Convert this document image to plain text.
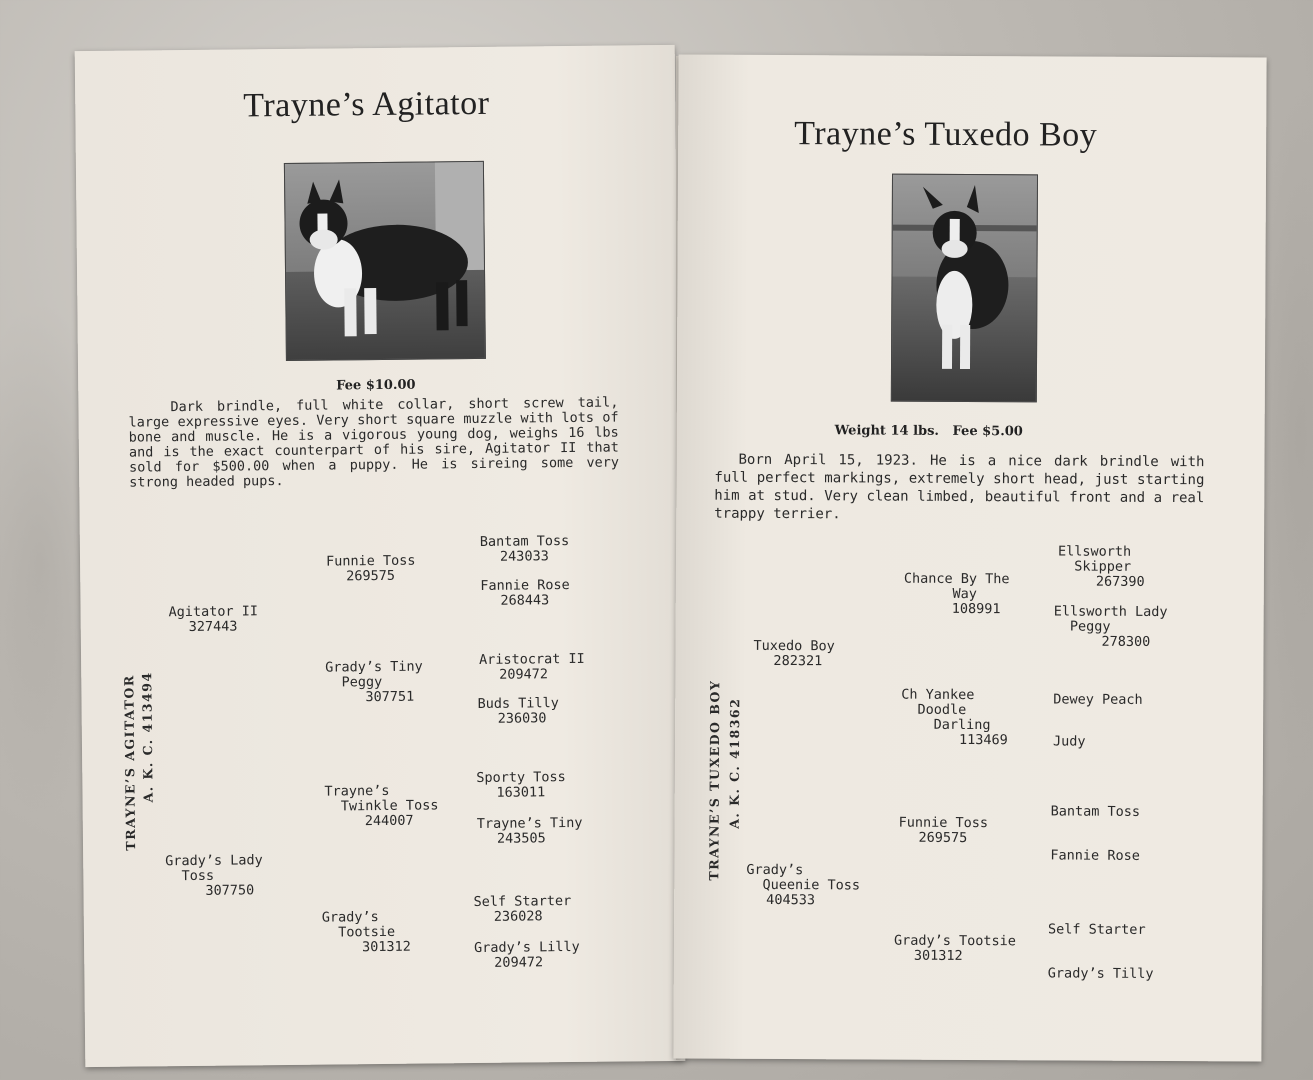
Trayne’s Agitator
Fee $10.00

Dark brindle, full white collar, short screw tail, large expressive eyes. Very short square muzzle with lots of bone and muscle. He is a vigorous young dog, weighs 16 lbs and is the exact counterpart of his sire, Agitator II that sold for $500.00 when a puppy. He is sireing some very strong headed pups.

TRAYNE’S AGITATOR A. K. C. 413494
Agitator II
327443
Grady’s Lady
Toss
307750
Funnie Toss
269575
Grady’s Tiny
Peggy
307751
Trayne’s
Twinkle Toss
244007
Grady’s
Tootsie
301312
Bantam Toss
243033
Fannie Rose
268443
Aristocrat II
209472
Buds Tilly
236030
Sporty Toss
163011
Trayne’s Tiny
243505
Self Starter
236028
Grady’s Lilly
209472
Trayne’s Tuxedo Boy
Weight 14 lbs.   Fee $5.00

Born April 15, 1923. He is a nice dark brindle with full perfect markings, extremely short head, just starting him at stud. Very clean limbed, beautiful front and a real trappy terrier.

TRAYNE’S TUXEDO BOY A. K. C. 418362
Tuxedo Boy
282321
Grady’s
Queenie Toss
404533
Chance By The
Way
108991
Ch Yankee
Doodle
Darling
113469
Funnie Toss
269575
Grady’s Tootsie
301312
Ellsworth
Skipper
267390
Ellsworth Lady
Peggy
278300
Dewey Peach
Judy
Bantam Toss
Fannie Rose
Self Starter
Grady’s Tilly
